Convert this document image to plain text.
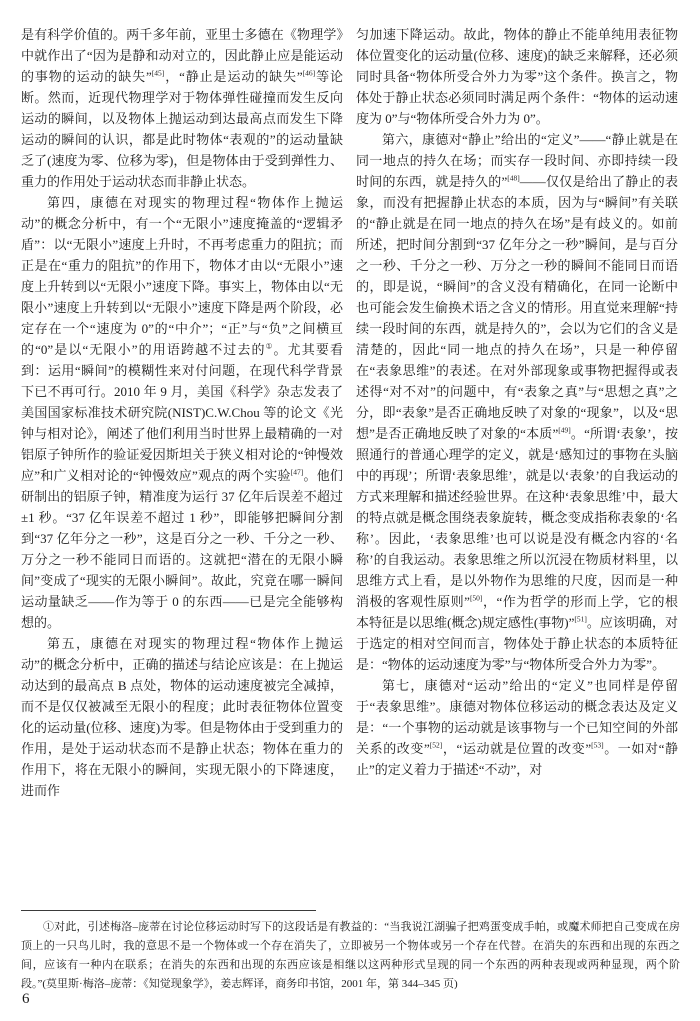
是有科学价值的。两千多年前，亚里士多德在《物理学》中就作出了“因为是静和动对立的，因此静止应是能运动的事物的运动的缺失”[45]，“静止是运动的缺失”[46]等论断。然而，近现代物理学对于物体弹性碰撞而发生反向运动的瞬间，以及物体上抛运动到达最高点而发生下降运动的瞬间的认识，都是此时物体“表观的”的运动量缺乏了(速度为零、位移为零)，但是物体由于受到弹性力、重力的作用处于运动状态而非静止状态。

第四，康德在对现实的物理过程“物体作上抛运动”的概念分析中，有一个“无限小”速度掩盖的“逻辑矛盾”：以“无限小”速度上升时，不再考虑重力的阻抗；而正是在“重力的阻抗”的作用下，物体才由以“无限小”速度上升转到以“无限小”速度下降。事实上，物体由以“无限小”速度上升转到以“无限小”速度下降是两个阶段，必定存在一个“速度为 0”的“中介”；“正”与“负”之间横亘的“0”是以“无限小”的用语跨越不过去的①。尤其要看到：运用“瞬间”的模糊性来对付问题，在现代科学背景下已不再可行。2010 年 9 月，美国《科学》杂志发表了美国国家标准技术研究院(NIST)C.W.Chou 等的论文《光钟与相对论》，阐述了他们利用当时世界上最精确的一对铝原子钟所作的验证爱因斯坦关于狭义相对论的“钟慢效应”和广义相对论的“钟慢效应”观点的两个实验[47]。他们研制出的铝原子钟，精准度为运行 37 亿年后误差不超过±1 秒。“37 亿年误差不超过 1 秒”，即能够把瞬间分割到“37 亿年分之一秒”，这是百分之一秒、千分之一秒、万分之一秒不能同日而语的。这就把“潜在的无限小瞬间”变成了“现实的无限小瞬间”。故此，究竟在哪一瞬间运动量缺乏——作为等于 0 的东西——已是完全能够构想的。

第五，康德在对现实的物理过程“物体作上抛运动”的概念分析中，正确的描述与结论应该是：在上抛运动达到的最高点 B 点处，物体的运动速度被完全减掉，而不是仅仅被减至无限小的程度；此时表征物体位置变化的运动量(位移、速度)为零。但是物体由于受到重力的作用，是处于运动状态而不是静止状态；物体在重力的作用下，将在无限小的瞬间，实现无限小的下降速度，进而作

匀加速下降运动。故此，物体的静止不能单纯用表征物体位置变化的运动量(位移、速度)的缺乏来解释，还必须同时具备“物体所受合外力为零”这个条件。换言之，物体处于静止状态必须同时满足两个条件：“物体的运动速度为 0”与“物体所受合外力为 0”。

第六，康德对“静止”给出的“定义”——“静止就是在同一地点的持久在场；而实存一段时间、亦即持续一段时间的东西，就是持久的”[48]——仅仅是给出了静止的表象，而没有把握静止状态的本质，因为与“瞬间”有关联的“静止就是在同一地点的持久在场”是有歧义的。如前所述，把时间分割到“37 亿年分之一秒”瞬间，是与百分之一秒、千分之一秒、万分之一秒的瞬间不能同日而语的，即是说，“瞬间”的含义没有精确化，在同一论断中也可能会发生偷换术语之含义的情形。用直觉来理解“持续一段时间的东西，就是持久的”，会以为它们的含义是清楚的，因此“同一地点的持久在场”，只是一种停留在“表象思维”的表述。在对外部现象或事物把握得或表述得“对不对”的问题中，有“表象之真”与“思想之真”之分，即“表象”是否正确地反映了对象的“现象”，以及“思想”是否正确地反映了对象的“本质”[49]。“所谓‘表象’，按照通行的普通心理学的定义，就是‘感知过的事物在头脑中的再现’；所谓‘表象思维’，就是以‘表象’的自我运动的方式来理解和描述经验世界。在这种‘表象思维’中，最大的特点就是概念围绕表象旋转，概念变成指称表象的‘名称’。因此，‘表象思维’也可以说是没有概念内容的‘名称’的自我运动。表象思维之所以沉浸在物质材料里，以思维方式上看，是以外物作为思维的尺度，因而是一种消极的客观性原则”[50]，“作为哲学的形而上学，它的根本特征是以思维(概念)规定感性(事物)”[51]。应该明确，对于选定的相对空间而言，物体处于静止状态的本质特征是：“物体的运动速度为零”与“物体所受合外力为零”。

第七，康德对“运动”给出的“定义”也同样是停留于“表象思维”。康德对物体位移运动的概念表达及定义是：“一个事物的运动就是该事物与一个已知空间的外部关系的改变”[52]，“运动就是位置的改变”[53]。一如对“静止”的定义着力于描述“不动”，对

①对此，引述梅洛–庞蒂在讨论位移运动时写下的这段话是有教益的：“当我说江湖骗子把鸡蛋变成手帕，或魔术师把自己变成在房顶上的一只鸟儿时，我的意思不是一个物体或一个存在消失了，立即被另一个物体或另一个存在代替。在消失的东西和出现的东西之间，应该有一种内在联系；在消失的东西和出现的东西应该是相继以这两种形式呈现的同一个东西的两种表现或两种显现，两个阶段。”(莫里斯·梅洛–庞蒂：《知觉现象学》，姜志辉译，商务印书馆，2001 年，第 344–345 页)

6
